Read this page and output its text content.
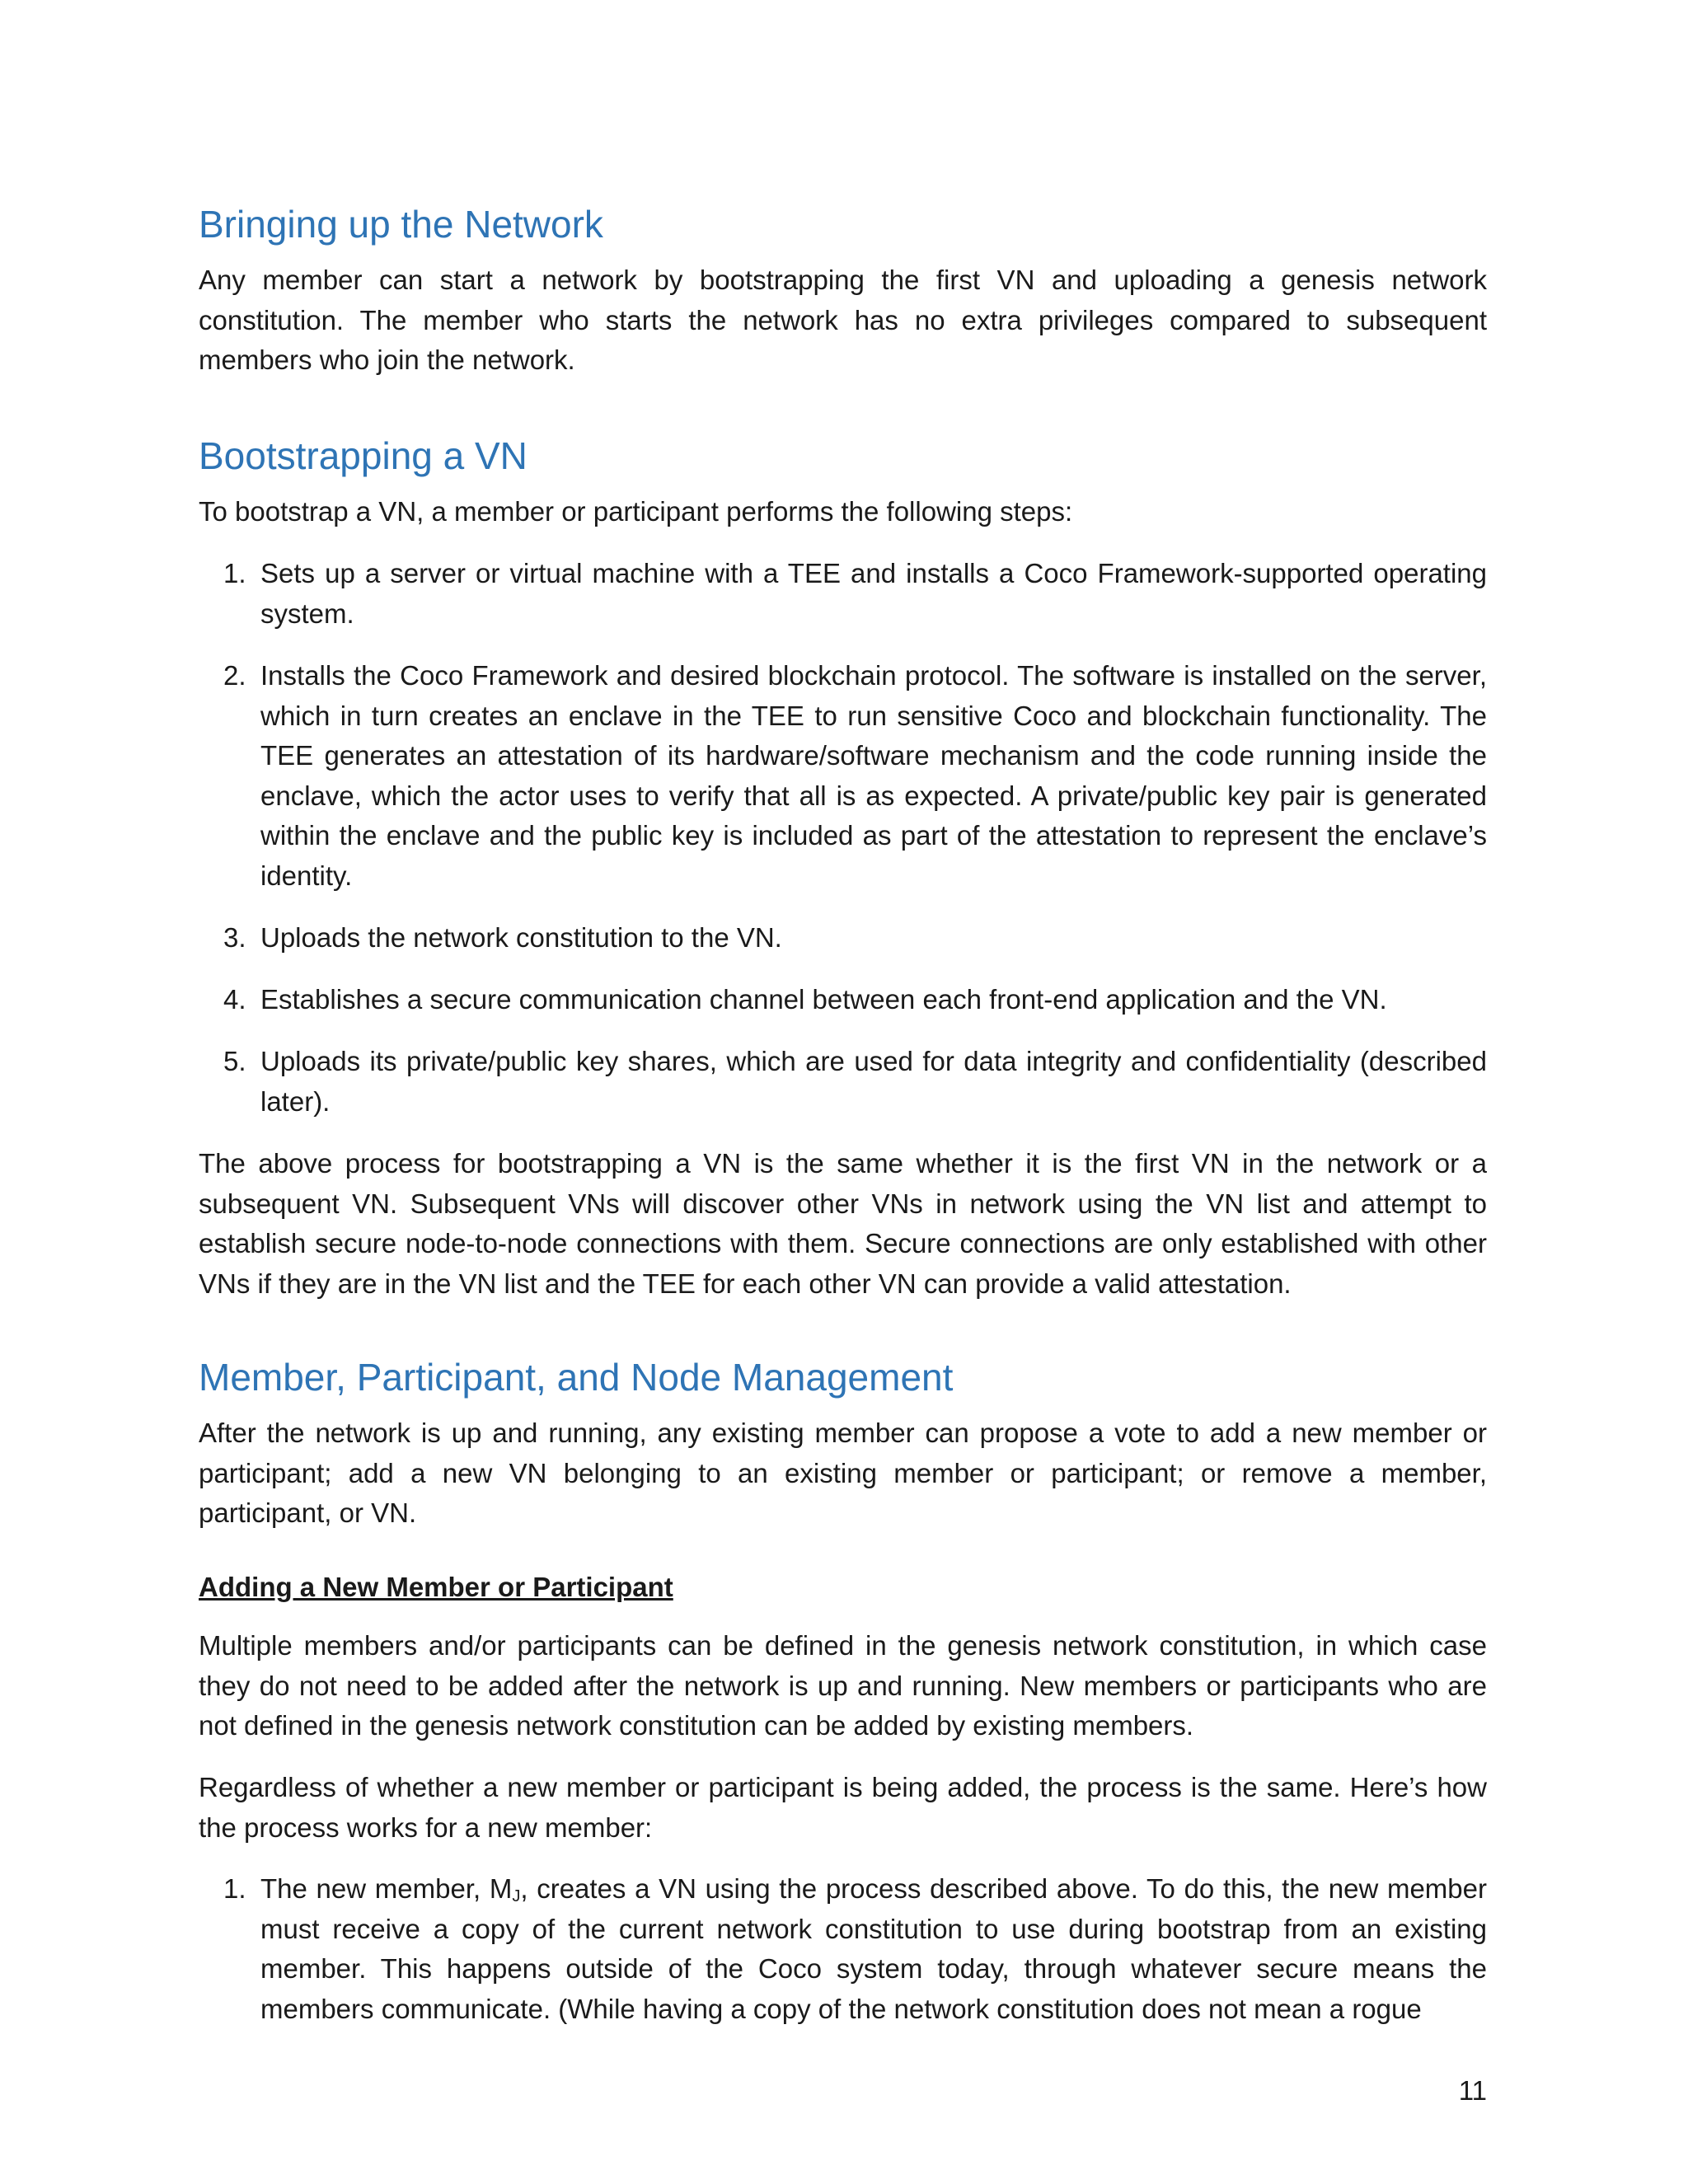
Bringing up the Network

Any member can start a network by bootstrapping the first VN and uploading a genesis network constitution. The member who starts the network has no extra privileges compared to subsequent members who join the network.

Bootstrapping a VN

To bootstrap a VN, a member or participant performs the following steps:

1. Sets up a server or virtual machine with a TEE and installs a Coco Framework-supported operating system.
2. Installs the Coco Framework and desired blockchain protocol. The software is installed on the server, which in turn creates an enclave in the TEE to run sensitive Coco and blockchain functionality. The TEE generates an attestation of its hardware/software mechanism and the code running inside the enclave, which the actor uses to verify that all is as expected. A private/public key pair is generated within the enclave and the public key is included as part of the attestation to represent the enclave’s identity.
3. Uploads the network constitution to the VN.
4. Establishes a secure communication channel between each front-end application and the VN.
5. Uploads its private/public key shares, which are used for data integrity and confidentiality (described later).

The above process for bootstrapping a VN is the same whether it is the first VN in the network or a subsequent VN. Subsequent VNs will discover other VNs in network using the VN list and attempt to establish secure node-to-node connections with them. Secure connections are only established with other VNs if they are in the VN list and the TEE for each other VN can provide a valid attestation.

Member, Participant, and Node Management

After the network is up and running, any existing member can propose a vote to add a new member or participant; add a new VN belonging to an existing member or participant; or remove a member, participant, or VN.

Adding a New Member or Participant

Multiple members and/or participants can be defined in the genesis network constitution, in which case they do not need to be added after the network is up and running. New members or participants who are not defined in the genesis network constitution can be added by existing members.

Regardless of whether a new member or participant is being added, the process is the same. Here’s how the process works for a new member:

1. The new member, $M_J$, creates a VN using the process described above. To do this, the new member must receive a copy of the current network constitution to use during bootstrap from an existing member. This happens outside of the Coco system today, through whatever secure means the members communicate. (While having a copy of the network constitution does not mean a rogue
11
